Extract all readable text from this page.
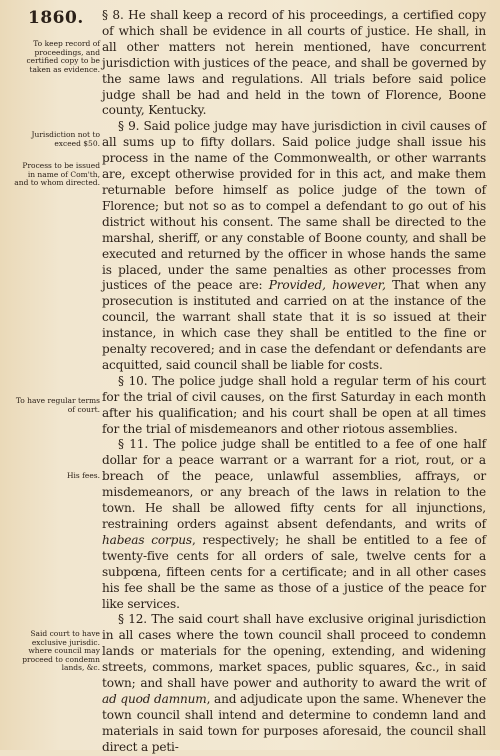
1860.
To keep record of proceedings, and certified copy to be taken as evidence.
Jurisdiction not to exceed $50.
Process to be issued in name of Com'th, and to whom directed.
To have regular terms of court.
His fees.
Said court to have exclusive jurisdic. where council may proceed to condemn lands, &c.

§ 8. He shall keep a record of his proceedings, a certified copy of which shall be evidence in all courts of justice. He shall, in all other matters not herein mentioned, have concurrent jurisdiction with justices of the peace, and shall be governed by the same laws and regulations. All trials before said police judge shall be had and held in the town of Florence, Boone county, Kentucky.

§ 9. Said police judge may have jurisdiction in civil causes of all sums up to fifty dollars. Said police judge shall issue his process in the name of the Commonwealth, or other warrants are, except otherwise provided for in this act, and make them returnable before himself as police judge of the town of Florence; but not so as to compel a defendant to go out of his district without his consent. The same shall be directed to the marshal, sheriff, or any constable of Boone county, and shall be executed and returned by the officer in whose hands the same is placed, under the same penalties as other processes from justices of the peace are: Provided, however, That when any prosecution is instituted and carried on at the instance of the council, the warrant shall state that it is so issued at their instance, in which case they shall be entitled to the fine or penalty recovered; and in case the defendant or defendants are acquitted, said council shall be liable for costs.

§ 10. The police judge shall hold a regular term of his court for the trial of civil causes, on the first Saturday in each month after his qualification; and his court shall be open at all times for the trial of misdemeanors and other riotous assemblies.

§ 11. The police judge shall be entitled to a fee of one half dollar for a peace warrant or a warrant for a riot, rout, or a breach of the peace, unlawful assemblies, affrays, or misdemeanors, or any breach of the laws in relation to the town. He shall be allowed fifty cents for all injunctions, restraining orders against absent defendants, and writs of habeas corpus, respectively; he shall be entitled to a fee of twenty-five cents for all orders of sale, twelve cents for a subpœna, fifteen cents for a certificate; and in all other cases his fee shall be the same as those of a justice of the peace for like services.

§ 12. The said court shall have exclusive original jurisdiction in all cases where the town council shall proceed to condemn lands or materials for the opening, extending, and widening streets, commons, market spaces, public squares, &c., in said town; and shall have power and authority to award the writ of ad quod damnum, and adjudicate upon the same. Whenever the town council shall intend and determine to condemn land and materials in said town for purposes aforesaid, the council shall direct a peti-
